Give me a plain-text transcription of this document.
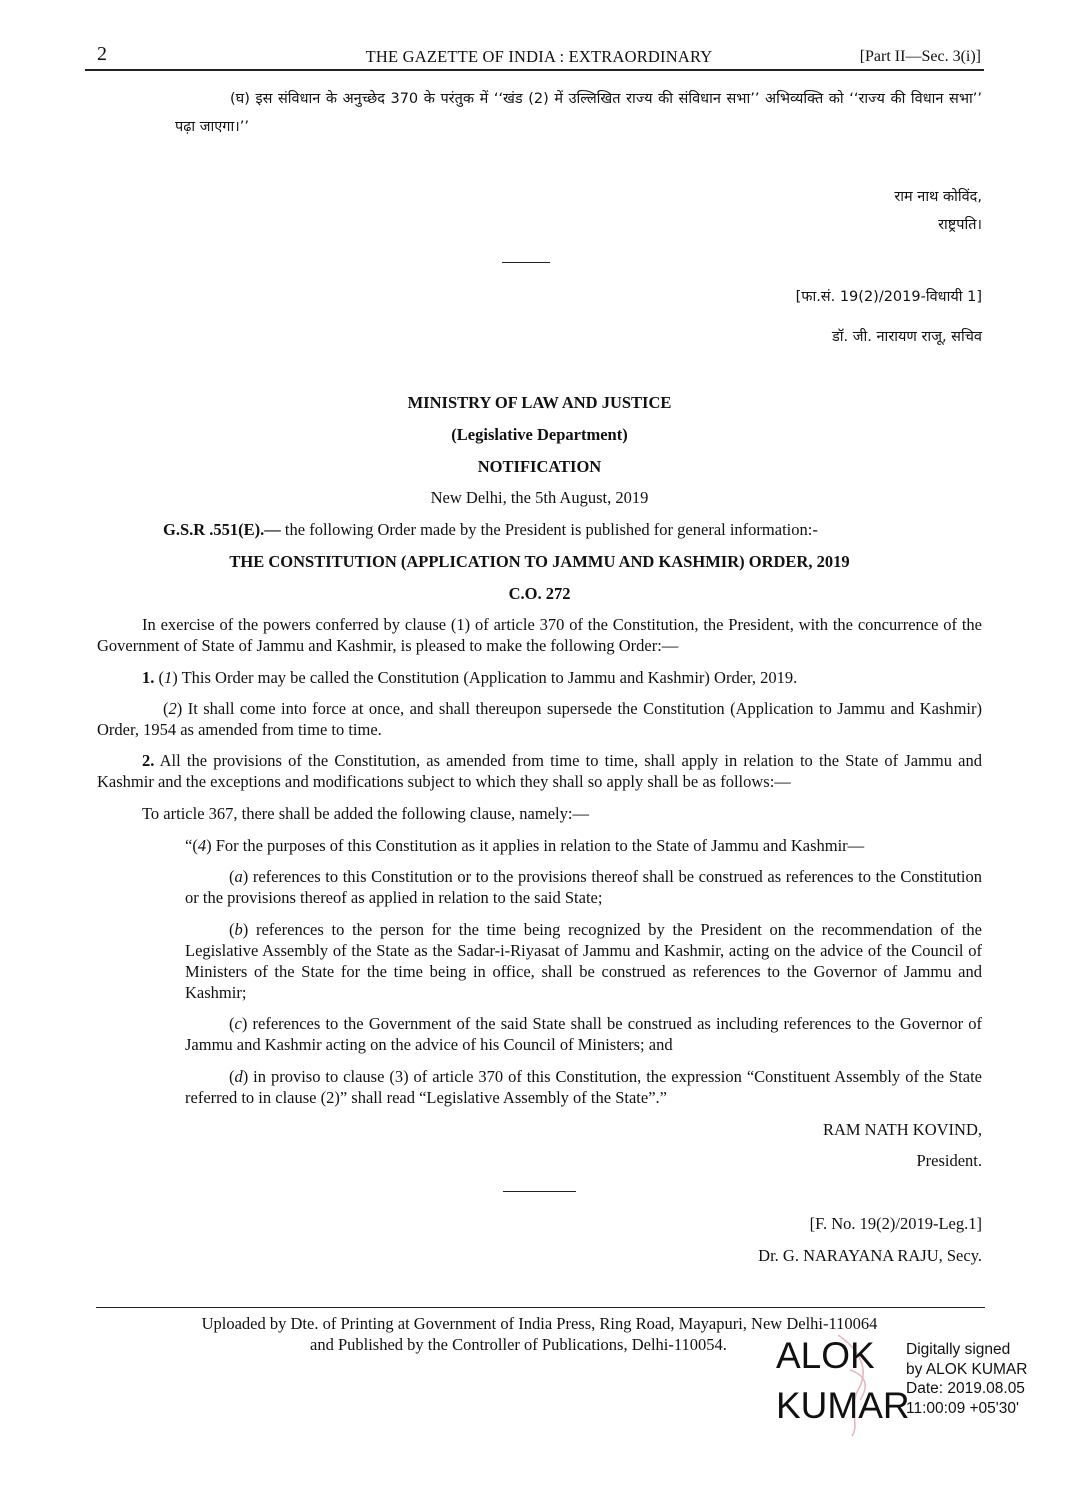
2	THE GAZETTE OF INDIA : EXTRAORDINARY	[Part II—Sec. 3(i)]
(घ) इस संविधान के अनुच्छेद 370 के परंतुक में ‘‘खंड (2) में उल्लिखित राज्य की संविधान सभा’’ अभिव्यक्ति को ‘‘राज्य की विधान सभा’’ पढ़ा जाएगा।’’
राम नाथ कोविंद,
राष्ट्रपति।
[फा.सं. 19(2)/2019-विधायी 1]
डॉ. जी. नारायण राजू, सचिव
MINISTRY OF LAW AND JUSTICE
(Legislative Department)
NOTIFICATION
New Delhi, the 5th August, 2019
G.S.R .551(E).— the following Order made by the President is published for general information:-
THE CONSTITUTION (APPLICATION TO JAMMU AND KASHMIR) ORDER, 2019
C.O. 272
In exercise of the powers conferred by clause (1) of article 370 of the Constitution, the President, with the concurrence of the Government of State of Jammu and Kashmir, is pleased to make the following Order:—
1. (1) This Order may be called the Constitution (Application to Jammu and Kashmir) Order, 2019.
(2) It shall come into force at once, and shall thereupon supersede the Constitution (Application to Jammu and Kashmir) Order, 1954 as amended from time to time.
2. All the provisions of the Constitution, as amended from time to time, shall apply in relation to the State of Jammu and Kashmir and the exceptions and modifications subject to which they shall so apply shall be as follows:—
To article 367, there shall be added the following clause, namely:—
“(4) For the purposes of this Constitution as it applies in relation to the State of Jammu and Kashmir—
(a) references to this Constitution or to the provisions thereof shall be construed as references to the Constitution or the provisions thereof as applied in relation to the said State;
(b) references to the person for the time being recognized by the President on the recommendation of the Legislative Assembly of the State as the Sadar-i-Riyasat of Jammu and Kashmir, acting on the advice of the Council of Ministers of the State for the time being in office, shall be construed as references to the Governor of Jammu and Kashmir;
(c) references to the Government of the said State shall be construed as including references to the Governor of Jammu and Kashmir acting on the advice of his Council of Ministers; and
(d) in proviso to clause (3) of article 370 of this Constitution, the expression “Constituent Assembly of the State referred to in clause (2)” shall read “Legislative Assembly of the State”.”
RAM NATH KOVIND,
President.
[F. No. 19(2)/2019-Leg.1]
Dr. G. NARAYANA RAJU, Secy.
Uploaded by Dte. of Printing at Government of India Press, Ring Road, Mayapuri, New Delhi-110064
and Published by the Controller of Publications, Delhi-110054.	ALOK
KUMAR
Digitally signed
by ALOK KUMAR
Date: 2019.08.05
11:00:09 +05'30'
